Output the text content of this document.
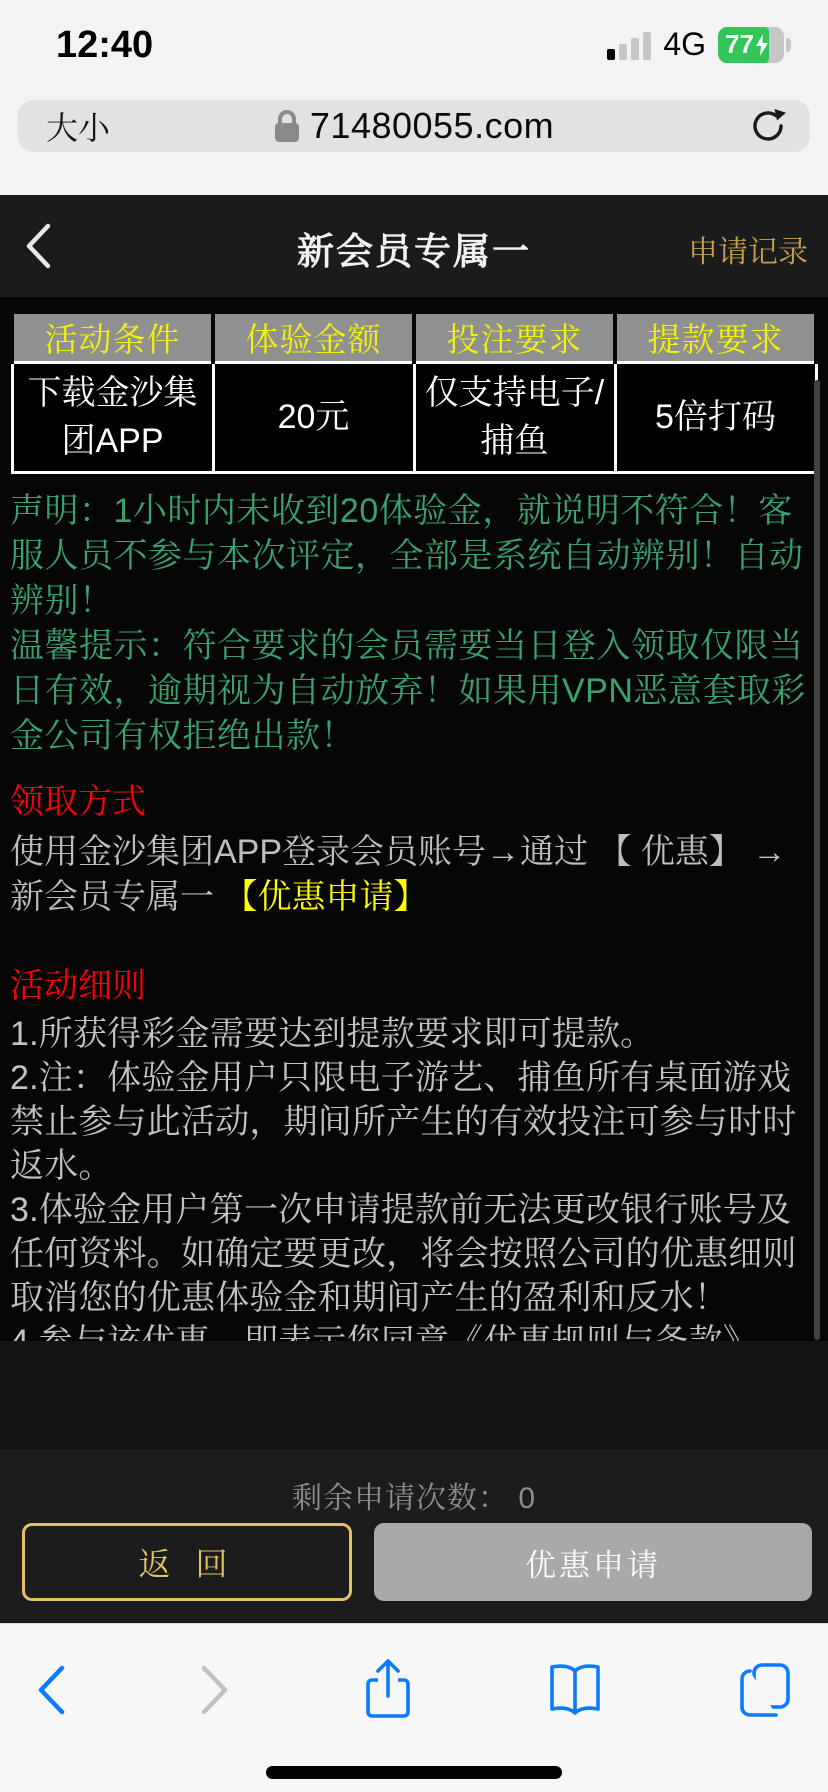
12:40	4G 77
大小	71480055.com
新会员专属一	申请记录
活动条件	体验金额	投注要求	提款要求
下载金沙集团APP	20元	仅支持电子/捕鱼	5倍打码

声明：1小时内未收到20体验金，就说明不符合！客服人员不参与本次评定，全部是系统自动辨别！自动辨别！

温馨提示：符合要求的会员需要当日登入领取仅限当日有效，逾期视为自动放弃！如果用VPN恶意套取彩金公司有权拒绝出款！

领取方式

使用金沙集团APP登录会员账号→通过 【 优惠】 →新会员专属一 【优惠申请】

活动细则

1.所获得彩金需要达到提款要求即可提款。

2.注：体验金用户只限电子游艺、捕鱼所有桌面游戏禁止参与此活动，期间所产生的有效投注可参与时时返水。

3.体验金用户第一次申请提款前无法更改银行账号及任何资料。如确定要更改，将会按照公司的优惠细则取消您的优惠体验金和期间产生的盈利和反水！

剩余申请次数： 0
返 回	优惠申请
